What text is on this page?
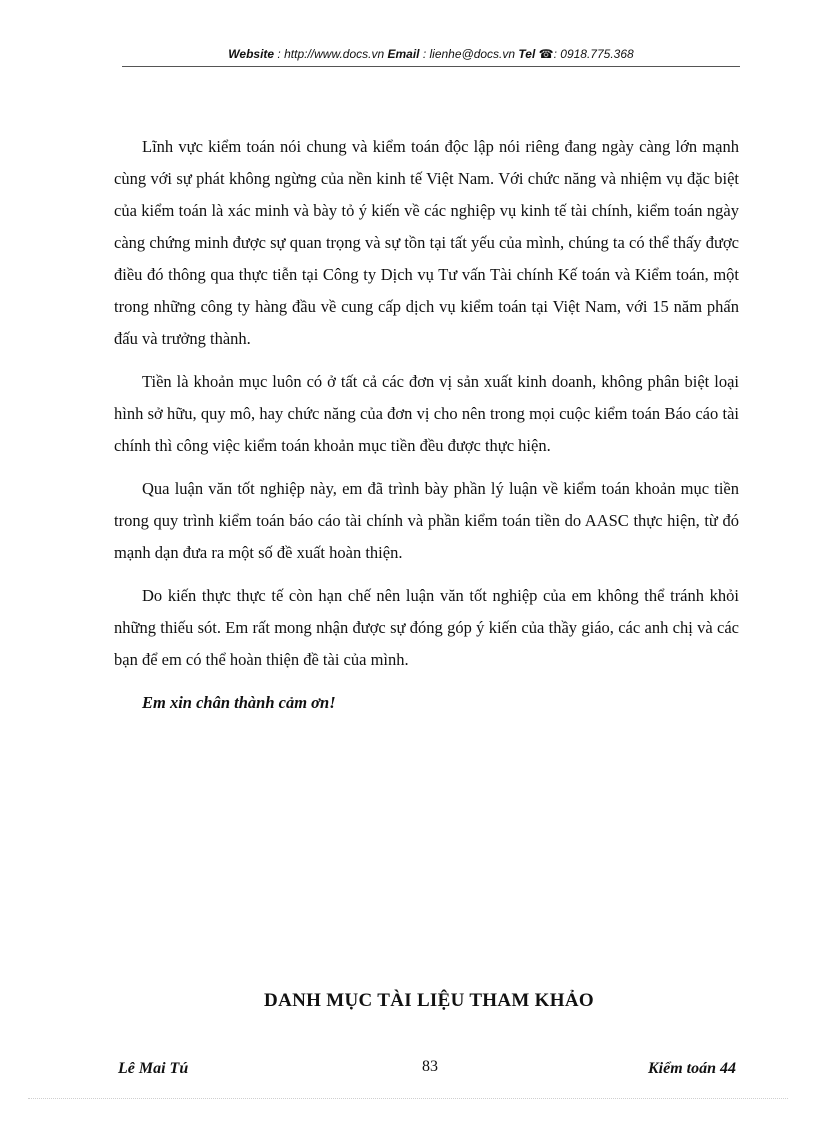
Website : http://www.docs.vn Email : lienhe@docs.vn Tel ☎: 0918.775.368

Lĩnh vực kiểm toán nói chung và kiểm toán độc lập nói riêng đang ngày càng lớn mạnh cùng với sự phát không ngừng của nền kinh tế Việt Nam. Với chức năng và nhiệm vụ đặc biệt của kiểm toán là xác minh và bày tỏ ý kiến về các nghiệp vụ kinh tế tài chính, kiểm toán ngày càng chứng minh được sự quan trọng và sự tồn tại tất yếu của mình, chúng ta có thể thấy được điều đó thông qua thực tiễn tại Công ty Dịch vụ Tư vấn Tài chính Kế toán và Kiểm toán, một trong những công ty hàng đầu về cung cấp dịch vụ kiểm toán tại Việt Nam, với 15 năm phấn đấu và trưởng thành.

Tiền là khoản mục luôn có ở tất cả các đơn vị sản xuất kinh doanh, không phân biệt loại hình sở hữu, quy mô, hay chức năng của đơn vị cho nên trong mọi cuộc kiểm toán Báo cáo tài chính thì công việc kiểm toán khoản mục tiền đều được thực hiện.

Qua luận văn tốt nghiệp này, em đã trình bày phần lý luận về kiểm toán khoản mục tiền trong quy trình kiểm toán báo cáo tài chính và phần kiểm toán tiền do AASC thực hiện, từ đó mạnh dạn đưa ra một số đề xuất hoàn thiện.

Do kiến thực thực tế còn hạn chế nên luận văn tốt nghiệp của em không thể tránh khỏi những thiếu sót. Em rất mong nhận được sự đóng góp ý kiến của thầy giáo, các anh chị và các bạn để em có thể hoàn thiện đề tài của mình.

Em xin chân thành cảm ơn!

DANH MỤC TÀI LIỆU THAM KHẢO
Lê Mai Tú	83	Kiểm toán 44
